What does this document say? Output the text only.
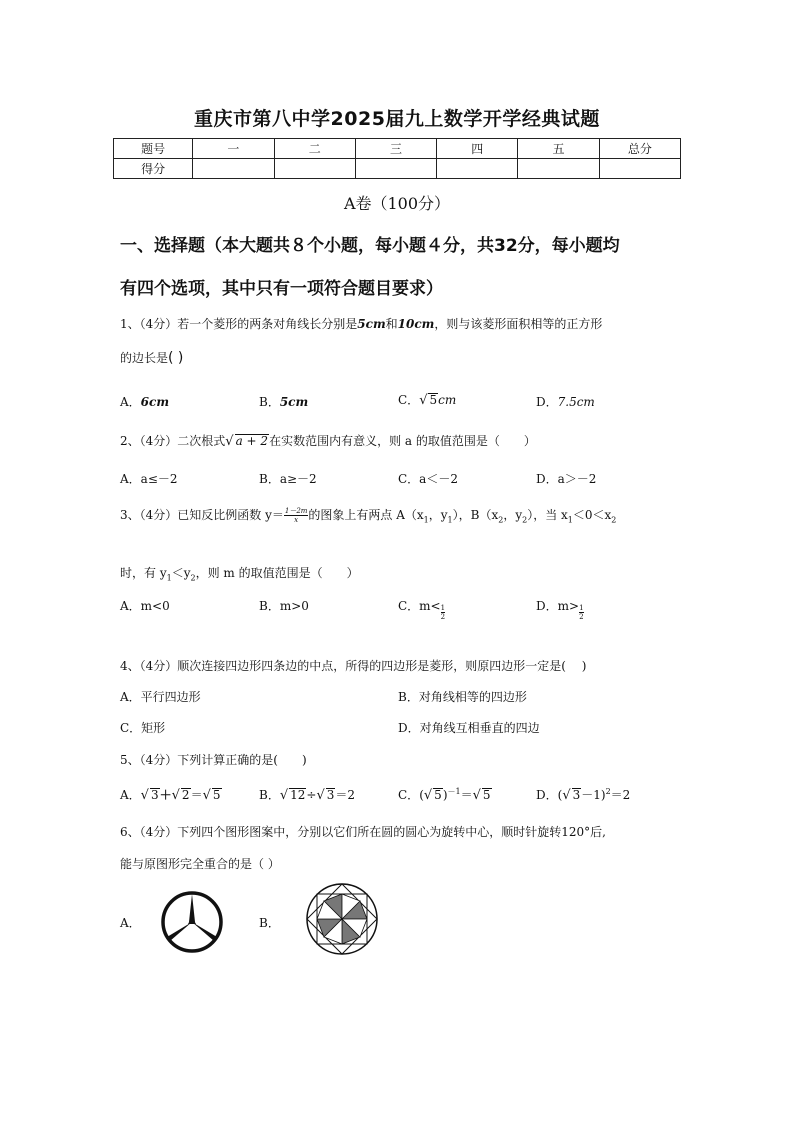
重庆市第八中学2025届九上数学开学经典试题
题号	一	二	三	四	五	总分
得分						
A卷（100分）
一、选择题（本大题共８个小题，每小题４分，共32分，每小题均
有四个选项，其中只有一项符合题目要求）
1、（4分）若一个菱形的两条对角线长分别是5cm和10cm，则与该菱形面积相等的正方形
的边长是( )
A．6cm	B．5cm	C．√ 5cm	D．7.5cm
2、（4分）二次根式√ a + 2在实数范围内有意义，则 a 的取值范围是（　　）
A．a≤－2	B．a≥－2	C．a＜－2	D．a＞－2
3、（4分）已知反比例函数 $y= \frac{1-2m}{x}$ 的图象上有两点 $A(x_1$，$y_1$），$B(x_2$，$y_2$），当 $x_1<0<x_2$
时，有 $y_1<y_2$，则 m 的取值范围是（　　）
A．m<0	B．m>0	C．$m< \frac{1}{2}$	D．$m> \frac{1}{2}$
4、（4分）顺次连接四边形四条边的中点，所得的四边形是菱形，则原四边形一定是(　 )
A．平行四边形	B．对角线相等的四边形
C．矩形	D．对角线互相垂直的四边
5、（4分）下列计算正确的是(　　)
A．√ 3＋√ 2＝√ 5	B．√ 12÷√ 3＝2	C．(√ 5)$^{-1}$＝√ 5	D．(√ 3－1)$^2$＝2
6、（4分）下列四个图形图案中，分别以它们所在圆的圆心为旋转中心，顺时针旋转120°后,
能与原图形完全重合的是（ ）
A．	B．
